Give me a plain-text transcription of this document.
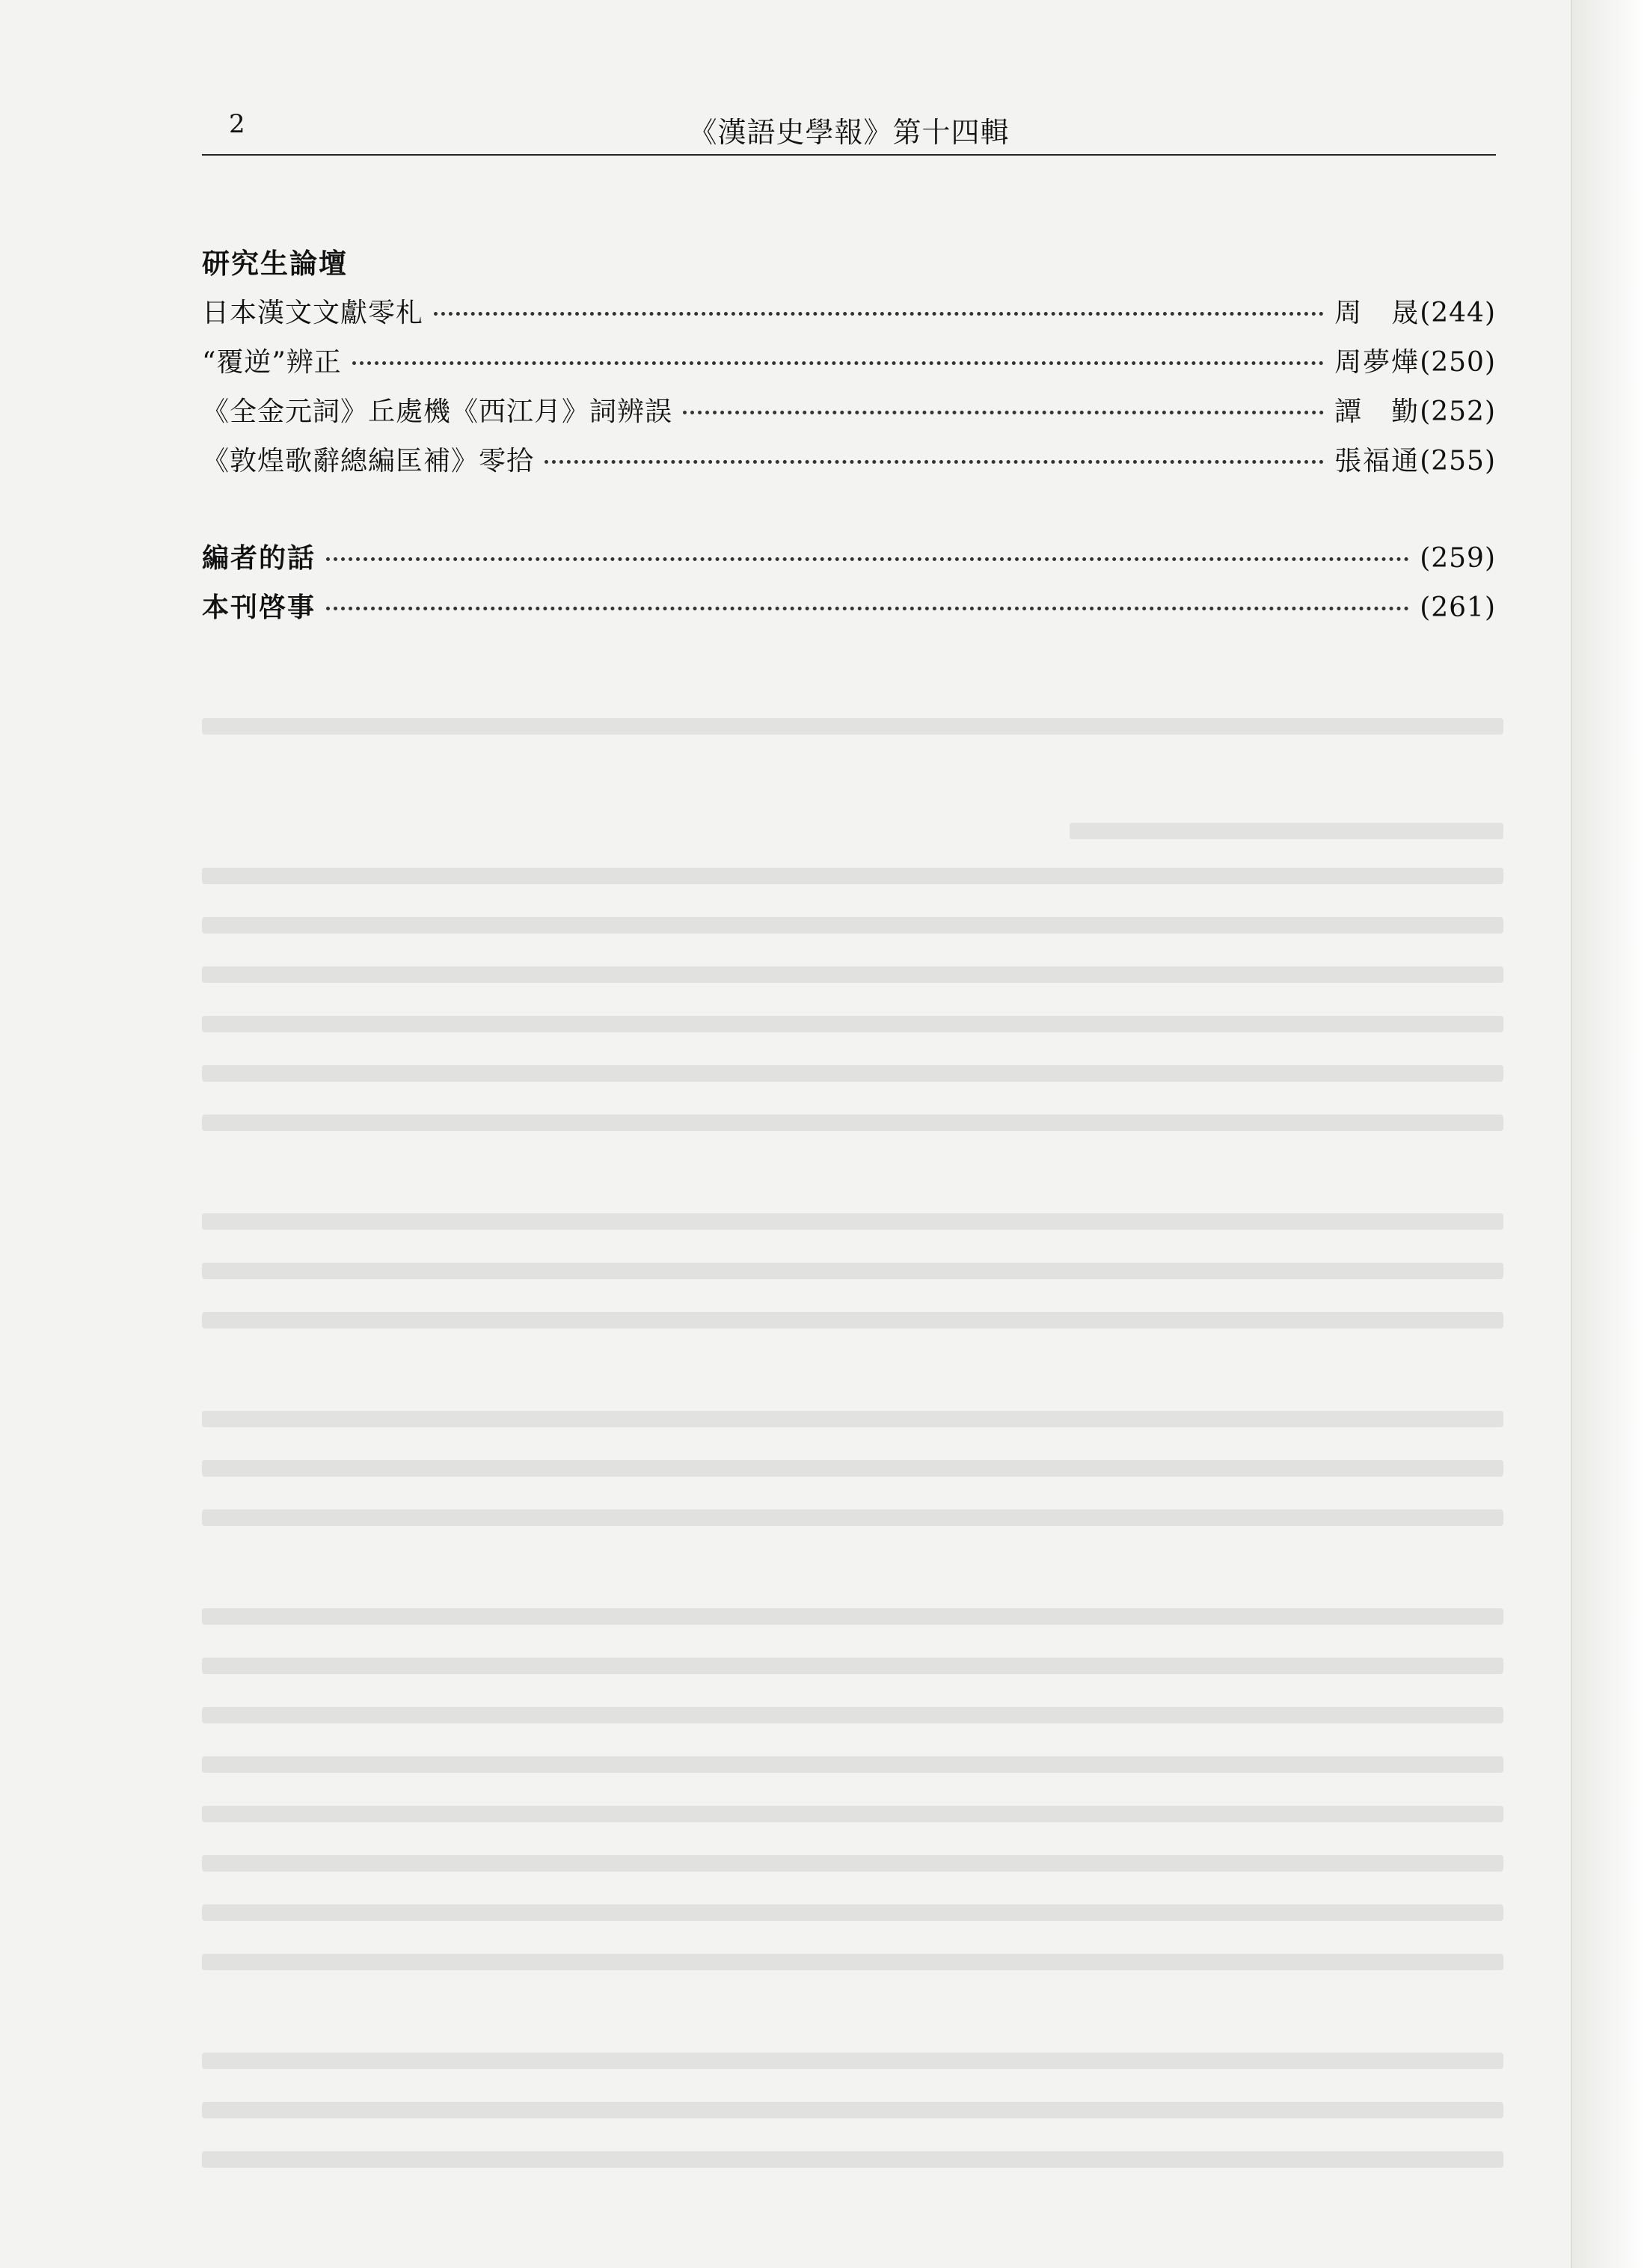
2	《漢語史學報》第十四輯
研究生論壇
日本漢文文獻零札	周　晟 (244)
“覆逆”辨正	周夢燁 (250)
《全金元詞》丘處機《西江月》詞辨誤	譚　勤 (252)
《敦煌歌辭總編匡補》零拾	張福通 (255)
編者的話	(259)
本刊啓事	(261)
